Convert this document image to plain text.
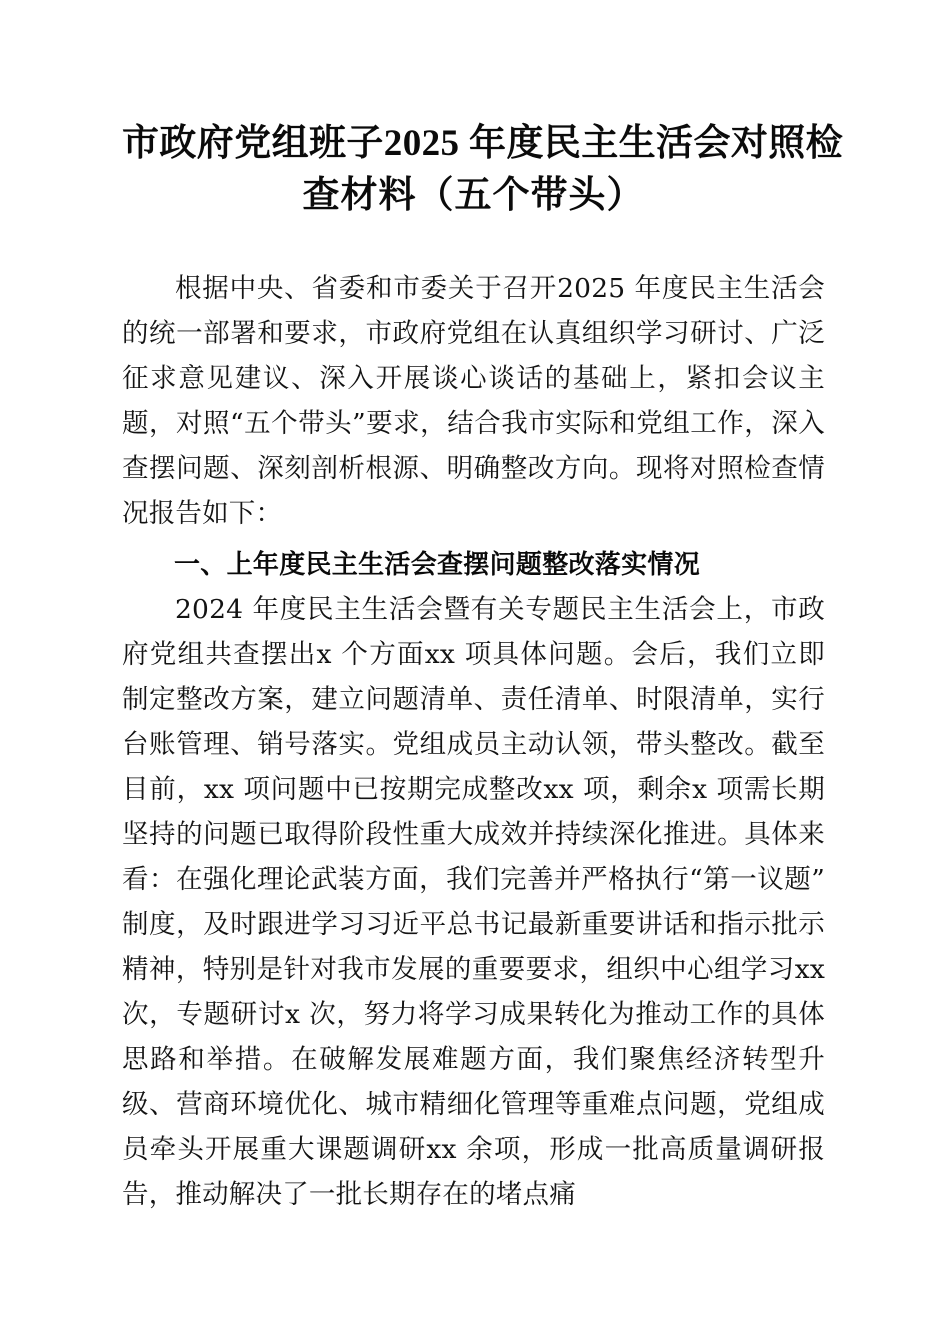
市政府党组班子2025 年度民主生活会对照检
查材料（五个带头）

根据中央、省委和市委关于召开2025 年度民主生活会的统一部署和要求，市政府党组在认真组织学习研讨、广泛征求意见建议、深入开展谈心谈话的基础上，紧扣会议主题，对照“五个带头”要求，结合我市实际和党组工作，深入查摆问题、深刻剖析根源、明确整改方向。现将对照检查情况报告如下：

一、上年度民主生活会查摆问题整改落实情况

2024 年度民主生活会暨有关专题民主生活会上，市政府党组共查摆出x 个方面xx 项具体问题。会后，我们立即制定整改方案，建立问题清单、责任清单、时限清单，实行台账管理、销号落实。党组成员主动认领，带头整改。截至目前，xx 项问题中已按期完成整改xx 项，剩余x 项需长期坚持的问题已取得阶段性重大成效并持续深化推进。具体来看：在强化理论武装方面，我们完善并严格执行“第一议题”制度，及时跟进学习习近平总书记最新重要讲话和指示批示精神，特别是针对我市发展的重要要求，组织中心组学习xx 次，专题研讨x 次，努力将学习成果转化为推动工作的具体思路和举措。在破解发展难题方面，我们聚焦经济转型升级、营商环境优化、城市精细化管理等重难点问题，党组成员牵头开展重大课题调研xx 余项，形成一批高质量调研报告，推动解决了一批长期存在的堵点痛
